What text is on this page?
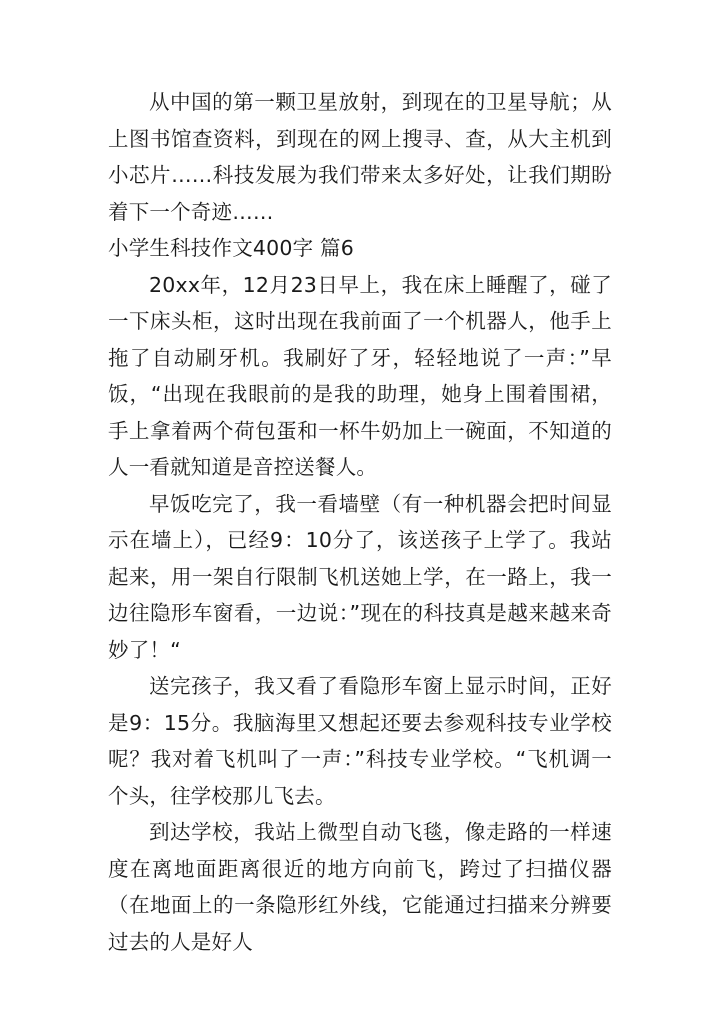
从中国的第一颗卫星放射，到现在的卫星导航；从上图书馆查资料，到现在的网上搜寻、查，从大主机到小芯片……科技发展为我们带来太多好处，让我们期盼着下一个奇迹……

小学生科技作文400字 篇6

20xx年，12月23日早上，我在床上睡醒了，碰了一下床头柜，这时出现在我前面了一个机器人，他手上拖了自动刷牙机。我刷好了牙，轻轻地说了一声：”早饭，“出现在我眼前的是我的助理，她身上围着围裙，手上拿着两个荷包蛋和一杯牛奶加上一碗面，不知道的人一看就知道是音控送餐人。

早饭吃完了，我一看墙壁（有一种机器会把时间显示在墙上），已经9：10分了，该送孩子上学了。我站起来，用一架自行限制飞机送她上学，在一路上，我一边往隐形车窗看，一边说：”现在的科技真是越来越来奇妙了！“

送完孩子，我又看了看隐形车窗上显示时间，正好是9：15分。我脑海里又想起还要去参观科技专业学校呢？我对着飞机叫了一声：”科技专业学校。“飞机调一个头，往学校那儿飞去。

到达学校，我站上微型自动飞毯，像走路的一样速度在离地面距离很近的地方向前飞，跨过了扫描仪器（在地面上的一条隐形红外线，它能通过扫描来分辨要过去的人是好人
